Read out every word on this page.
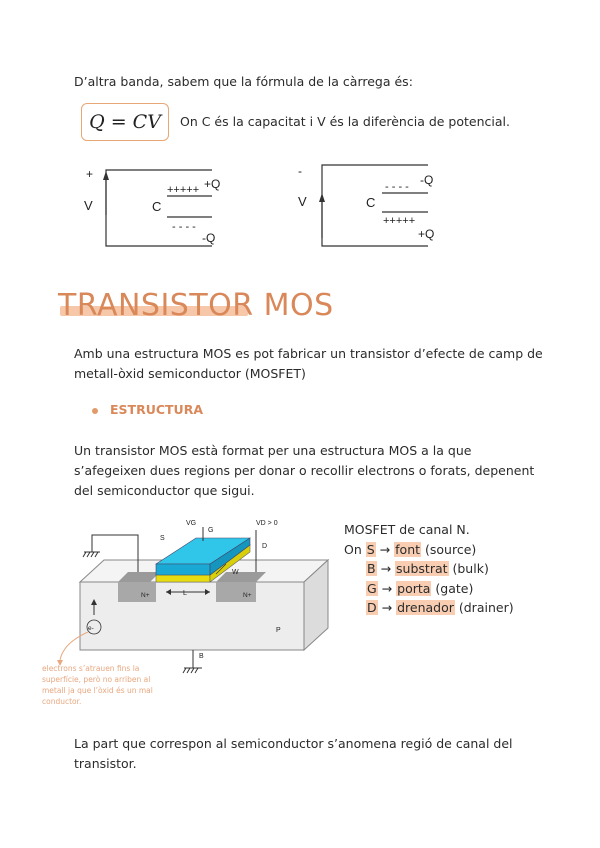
D’altra banda, sabem que la fórmula de la càrrega és:
Q = CV	On C és la capacitat i V és la diferència de potencial.
+
V	C
+++++ +Q
- - - -
-Q
-
V	C
- - - - -Q
+++++
+Q
TRANSISTOR MOS
Amb una estructura MOS es pot fabricar un transistor d’efecte de camp de
metall-òxid semiconductor (MOSFET)
ESTRUCTURA
Un transistor MOS està format per una estructura MOS a la que
s’afegeixen dues regions per donar o recollir electrons o forats, depenent
del semiconductor que sigui.
VG
G
VD > 0
S
D
W
L
N+	N+
P
B
e-
electrons s’atrauen fins la superfície, però no arriben al metall ja que l’òxid és un mal conductor.
MOSFET de canal N.
On S → font (source)
B → substrat (bulk)
G → porta (gate)
D → drenador (drainer)
La part que correspon al semiconductor s’anomena regió de canal del
transistor.
